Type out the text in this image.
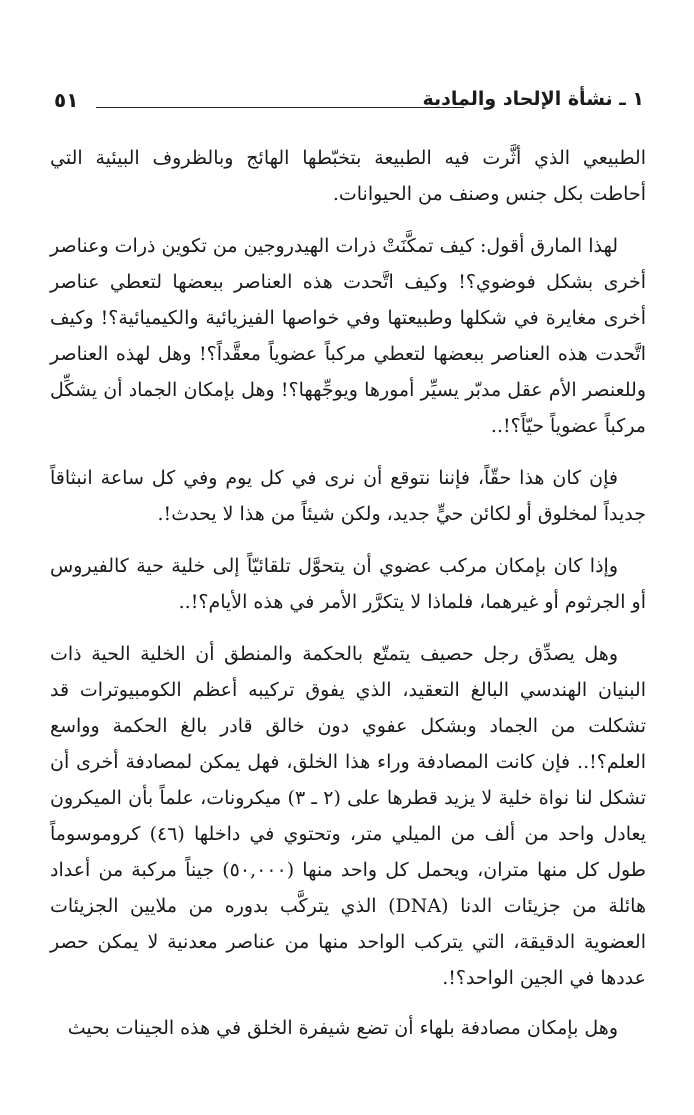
١ ـ نشأة الإلحاد والمادية
٥١

الطبيعي الذي أثَّرت فيه الطبيعة بتخبّطها الهائج وبالظروف البيئية التي أحاطت بكل جنس وصنف من الحيوانات.

لهذا المارق أقول: كيف تمكَّنَتْ ذرات الهيدروجين من تكوين ذرات وعناصر أخرى بشكل فوضوي؟! وكيف اتَّحدت هذه العناصر ببعضها لتعطي عناصر أخرى مغايرة في شكلها وطبيعتها وفي خواصها الفيزيائية والكيميائية؟! وكيف اتَّحدت هذه العناصر ببعضها لتعطي مركباً عضوياً معقَّداً؟! وهل لهذه العناصر وللعنصر الأم عقل مدبّر يسيِّر أمورها ويوجِّهها؟! وهل بإمكان الجماد أن يشكِّل مركباً عضوياً حيّاً؟!..

فإن كان هذا حقّاً، فإننا نتوقع أن نرى في كل يوم وفي كل ساعة انبثاقاً جديداً لمخلوق أو لكائن حيٍّ جديد، ولكن شيئاً من هذا لا يحدث!.

وإذا كان بإمكان مركب عضوي أن يتحوَّل تلقائيّاً إلى خلية حية كالفيروس أو الجرثوم أو غيرهما، فلماذا لا يتكرَّر الأمر في هذه الأيام؟!..

وهل يصدِّق رجل حصيف يتمتّع بالحكمة والمنطق أن الخلية الحية ذات البنيان الهندسي البالغ التعقيد، الذي يفوق تركيبه أعظم الكومبيوترات قد تشكلت من الجماد وبشكل عفوي دون خالق قادر بالغ الحكمة وواسع العلم؟!.. فإن كانت المصادفة وراء هذا الخلق، فهل يمكن لمصادفة أخرى أن تشكل لنا نواة خلية لا يزيد قطرها على (٢ ـ ٣) ميكرونات، علماً بأن الميكرون يعادل واحد من ألف من الميلي متر، وتحتوي في داخلها (٤٦) كروموسوماً طول كل منها متران، ويحمل كل واحد منها (٥٠,٠٠٠) جيناً مركبة من أعداد هائلة من جزيئات الدنا (DNA) الذي يتركَّب بدوره من ملايين الجزيئات العضوية الدقيقة، التي يتركب الواحد منها من عناصر معدنية لا يمكن حصر عددها في الجين الواحد؟!.

وهل بإمكان مصادفة بلهاء أن تضع شيفرة الخلق في هذه الجينات بحيث
